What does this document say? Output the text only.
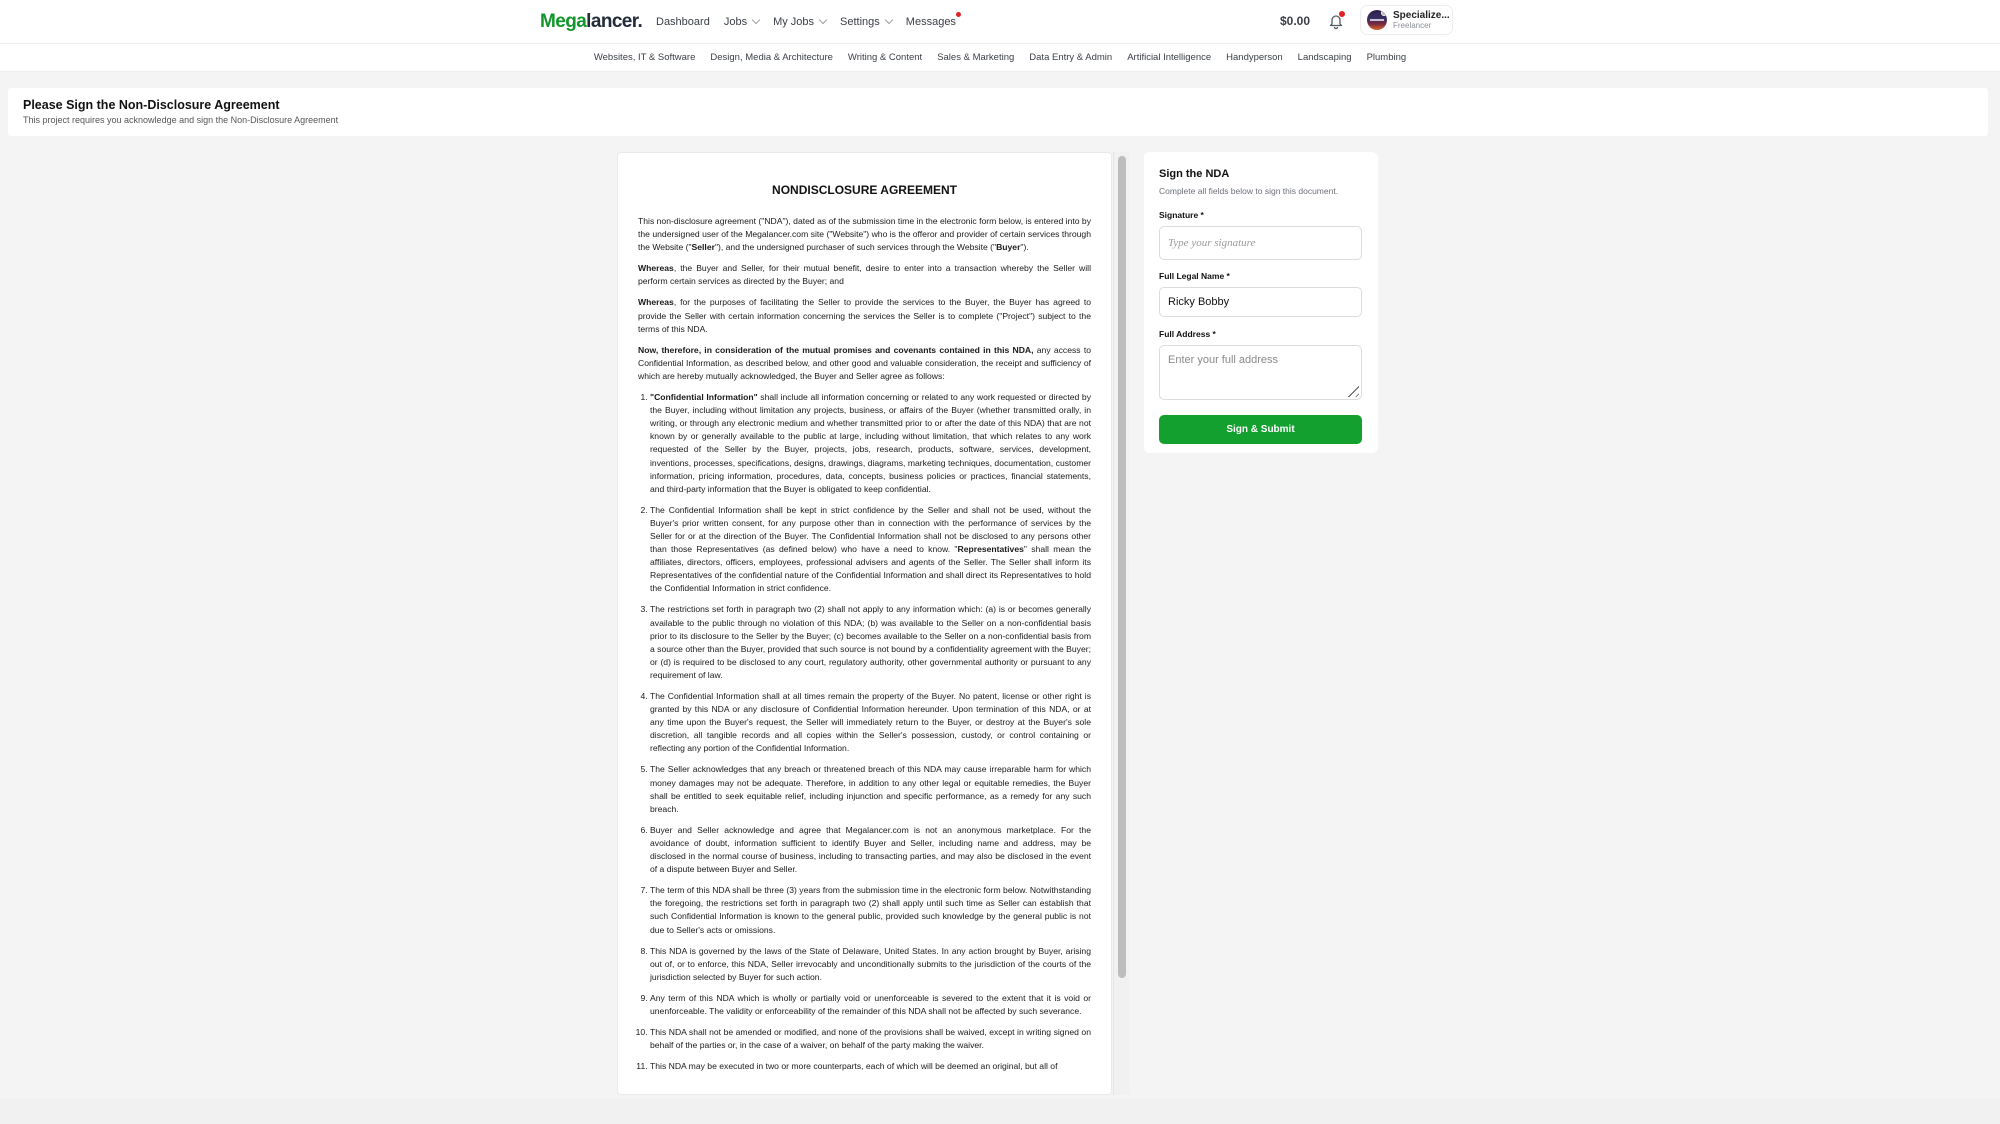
Megalancer. Dashboard Jobs My Jobs Settings Messages	$0.00	Specialize...
Freelancer
Websites, IT & Software Design, Media & Architecture Writing & Content Sales & Marketing Data Entry & Admin Artificial Intelligence Handyperson Landscaping Plumbing
Please Sign the Non-Disclosure Agreement

This project requires you acknowledge and sign the Non-Disclosure Agreement

NONDISCLOSURE AGREEMENT

This non-disclosure agreement ("NDA"), dated as of the submission time in the electronic form below, is entered into by the undersigned user of the Megalancer.com site ("Website") who is the offeror and provider of certain services through the Website ("Seller"), and the undersigned purchaser of such services through the Website ("Buyer").

Whereas, the Buyer and Seller, for their mutual benefit, desire to enter into a transaction whereby the Seller will perform certain services as directed by the Buyer; and

Whereas, for the purposes of facilitating the Seller to provide the services to the Buyer, the Buyer has agreed to provide the Seller with certain information concerning the services the Seller is to complete ("Project") subject to the terms of this NDA.

Now, therefore, in consideration of the mutual promises and covenants contained in this NDA, any access to Confidential Information, as described below, and other good and valuable consideration, the receipt and sufficiency of which are hereby mutually acknowledged, the Buyer and Seller agree as follows:

1. "Confidential Information" shall include all information concerning or related to any work requested or directed by the Buyer, including without limitation any projects, business, or affairs of the Buyer (whether transmitted orally, in writing, or through any electronic medium and whether transmitted prior to or after the date of this NDA) that are not known by or generally available to the public at large, including without limitation, that which relates to any work requested of the Seller by the Buyer, projects, jobs, research, products, software, services, development, inventions, processes, specifications, designs, drawings, diagrams, marketing techniques, documentation, customer information, pricing information, procedures, data, concepts, business policies or practices, financial statements, and third-party information that the Buyer is obligated to keep confidential.
2. The Confidential Information shall be kept in strict confidence by the Seller and shall not be used, without the Buyer's prior written consent, for any purpose other than in connection with the performance of services by the Seller for or at the direction of the Buyer. The Confidential Information shall not be disclosed to any persons other than those Representatives (as defined below) who have a need to know. "Representatives" shall mean the affiliates, directors, officers, employees, professional advisers and agents of the Seller. The Seller shall inform its Representatives of the confidential nature of the Confidential Information and shall direct its Representatives to hold the Confidential Information in strict confidence.
3. The restrictions set forth in paragraph two (2) shall not apply to any information which: (a) is or becomes generally available to the public through no violation of this NDA; (b) was available to the Seller on a non-confidential basis prior to its disclosure to the Seller by the Buyer; (c) becomes available to the Seller on a non-confidential basis from a source other than the Buyer, provided that such source is not bound by a confidentiality agreement with the Buyer; or (d) is required to be disclosed to any court, regulatory authority, other governmental authority or pursuant to any requirement of law.
4. The Confidential Information shall at all times remain the property of the Buyer. No patent, license or other right is granted by this NDA or any disclosure of Confidential Information hereunder. Upon termination of this NDA, or at any time upon the Buyer's request, the Seller will immediately return to the Buyer, or destroy at the Buyer's sole discretion, all tangible records and all copies within the Seller's possession, custody, or control containing or reflecting any portion of the Confidential Information.
5. The Seller acknowledges that any breach or threatened breach of this NDA may cause irreparable harm for which money damages may not be adequate. Therefore, in addition to any other legal or equitable remedies, the Buyer shall be entitled to seek equitable relief, including injunction and specific performance, as a remedy for any such breach.
6. Buyer and Seller acknowledge and agree that Megalancer.com is not an anonymous marketplace. For the avoidance of doubt, information sufficient to identify Buyer and Seller, including name and address, may be disclosed in the normal course of business, including to transacting parties, and may also be disclosed in the event of a dispute between Buyer and Seller.
7. The term of this NDA shall be three (3) years from the submission time in the electronic form below. Notwithstanding the foregoing, the restrictions set forth in paragraph two (2) shall apply until such time as Seller can establish that such Confidential Information is known to the general public, provided such knowledge by the general public is not due to Seller's acts or omissions.
8. This NDA is governed by the laws of the State of Delaware, United States. In any action brought by Buyer, arising out of, or to enforce, this NDA, Seller irrevocably and unconditionally submits to the jurisdiction of the courts of the jurisdiction selected by Buyer for such action.
9. Any term of this NDA which is wholly or partially void or unenforceable is severed to the extent that it is void or unenforceable. The validity or enforceability of the remainder of this NDA shall not be affected by such severance.
10. This NDA shall not be amended or modified, and none of the provisions shall be waived, except in writing signed on behalf of the parties or, in the case of a waiver, on behalf of the party making the waiver.
11. This NDA may be executed in two or more counterparts, each of which will be deemed an original, but all of
Sign the NDA
Complete all fields below to sign this document.
Signature *
Type your signature
Full Legal Name *
Ricky Bobby
Full Address *
Enter your full address
Sign & Submit
